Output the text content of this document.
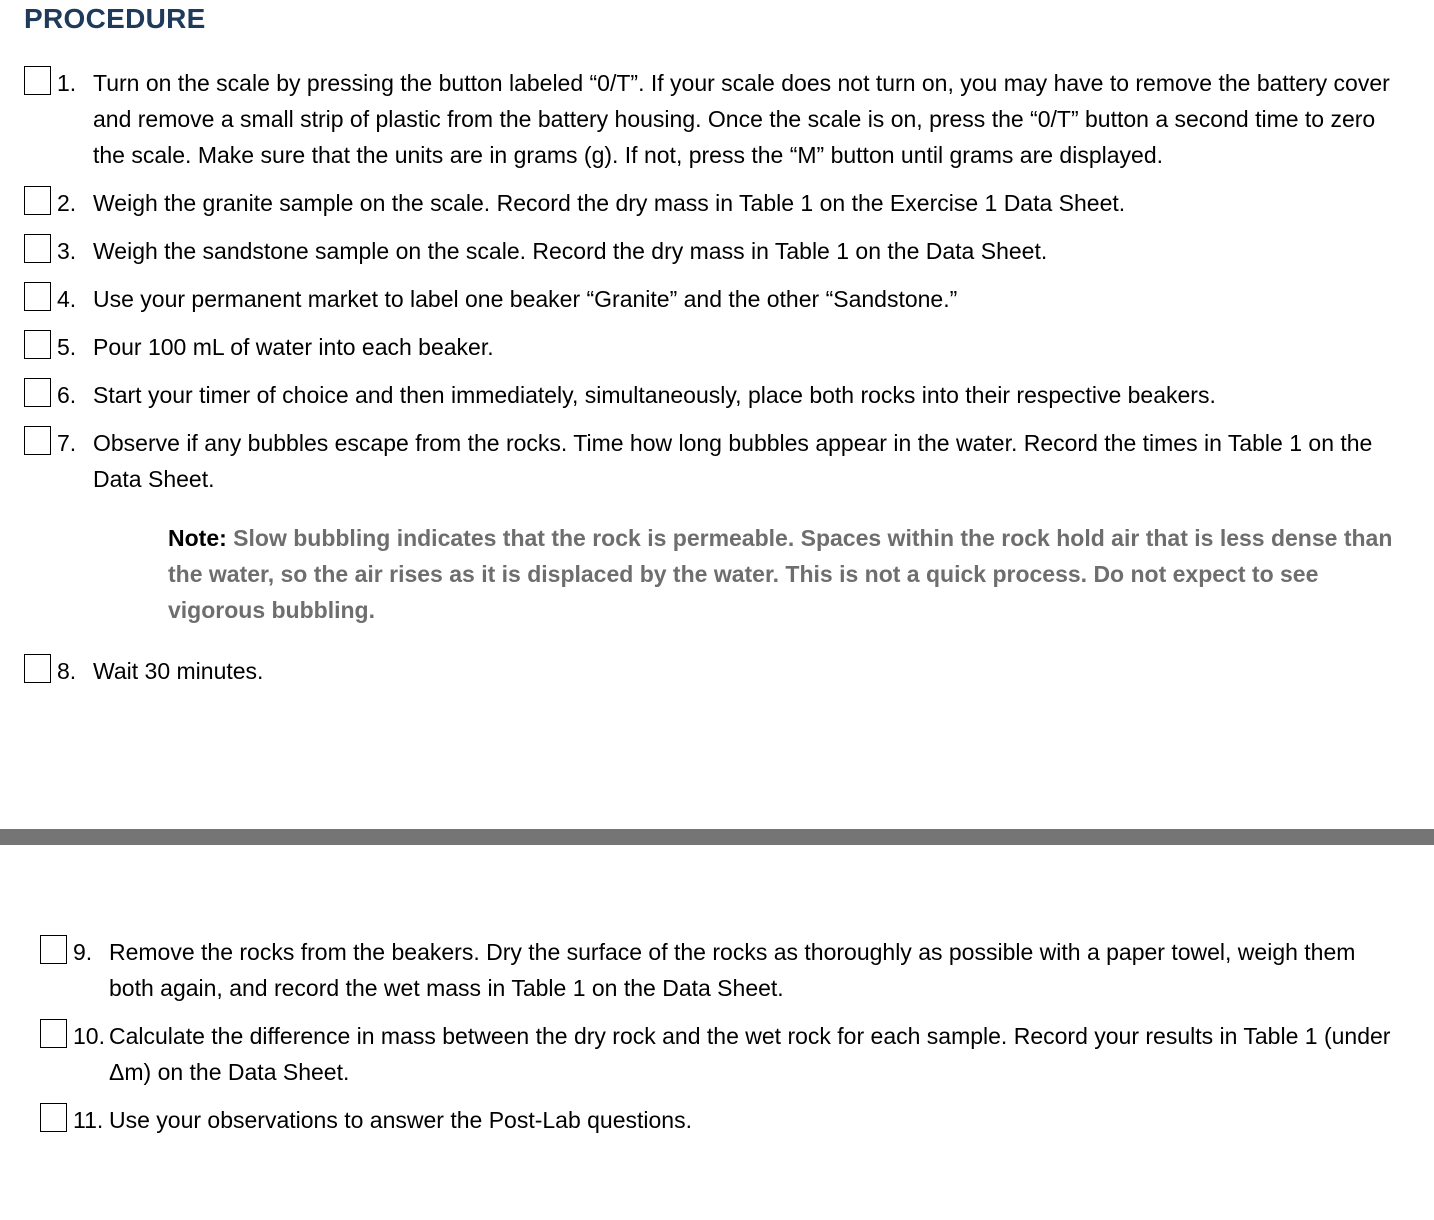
PROCEDURE
1. Turn on the scale by pressing the button labeled “0/T”. If your scale does not turn on, you may have to remove the battery cover and remove a small strip of plastic from the battery housing. Once the scale is on, press the “0/T” button a second time to zero the scale. Make sure that the units are in grams (g). If not, press the “M” button until grams are displayed.
2. Weigh the granite sample on the scale. Record the dry mass in Table 1 on the Exercise 1 Data Sheet.
3. Weigh the sandstone sample on the scale. Record the dry mass in Table 1 on the Data Sheet.
4. Use your permanent market to label one beaker “Granite” and the other “Sandstone.”
5. Pour 100 mL of water into each beaker.
6. Start your timer of choice and then immediately, simultaneously, place both rocks into their respective beakers.
7. Observe if any bubbles escape from the rocks. Time how long bubbles appear in the water. Record the times in Table 1 on the Data Sheet.
Note: Slow bubbling indicates that the rock is permeable. Spaces within the rock hold air that is less dense than the water, so the air rises as it is displaced by the water. This is not a quick process. Do not expect to see vigorous bubbling.
8. Wait 30 minutes.
9. Remove the rocks from the beakers. Dry the surface of the rocks as thoroughly as possible with a paper towel, weigh them both again, and record the wet mass in Table 1 on the Data Sheet.
10. Calculate the difference in mass between the dry rock and the wet rock for each sample. Record your results in Table 1 (under Δm) on the Data Sheet.
11. Use your observations to answer the Post-Lab questions.
